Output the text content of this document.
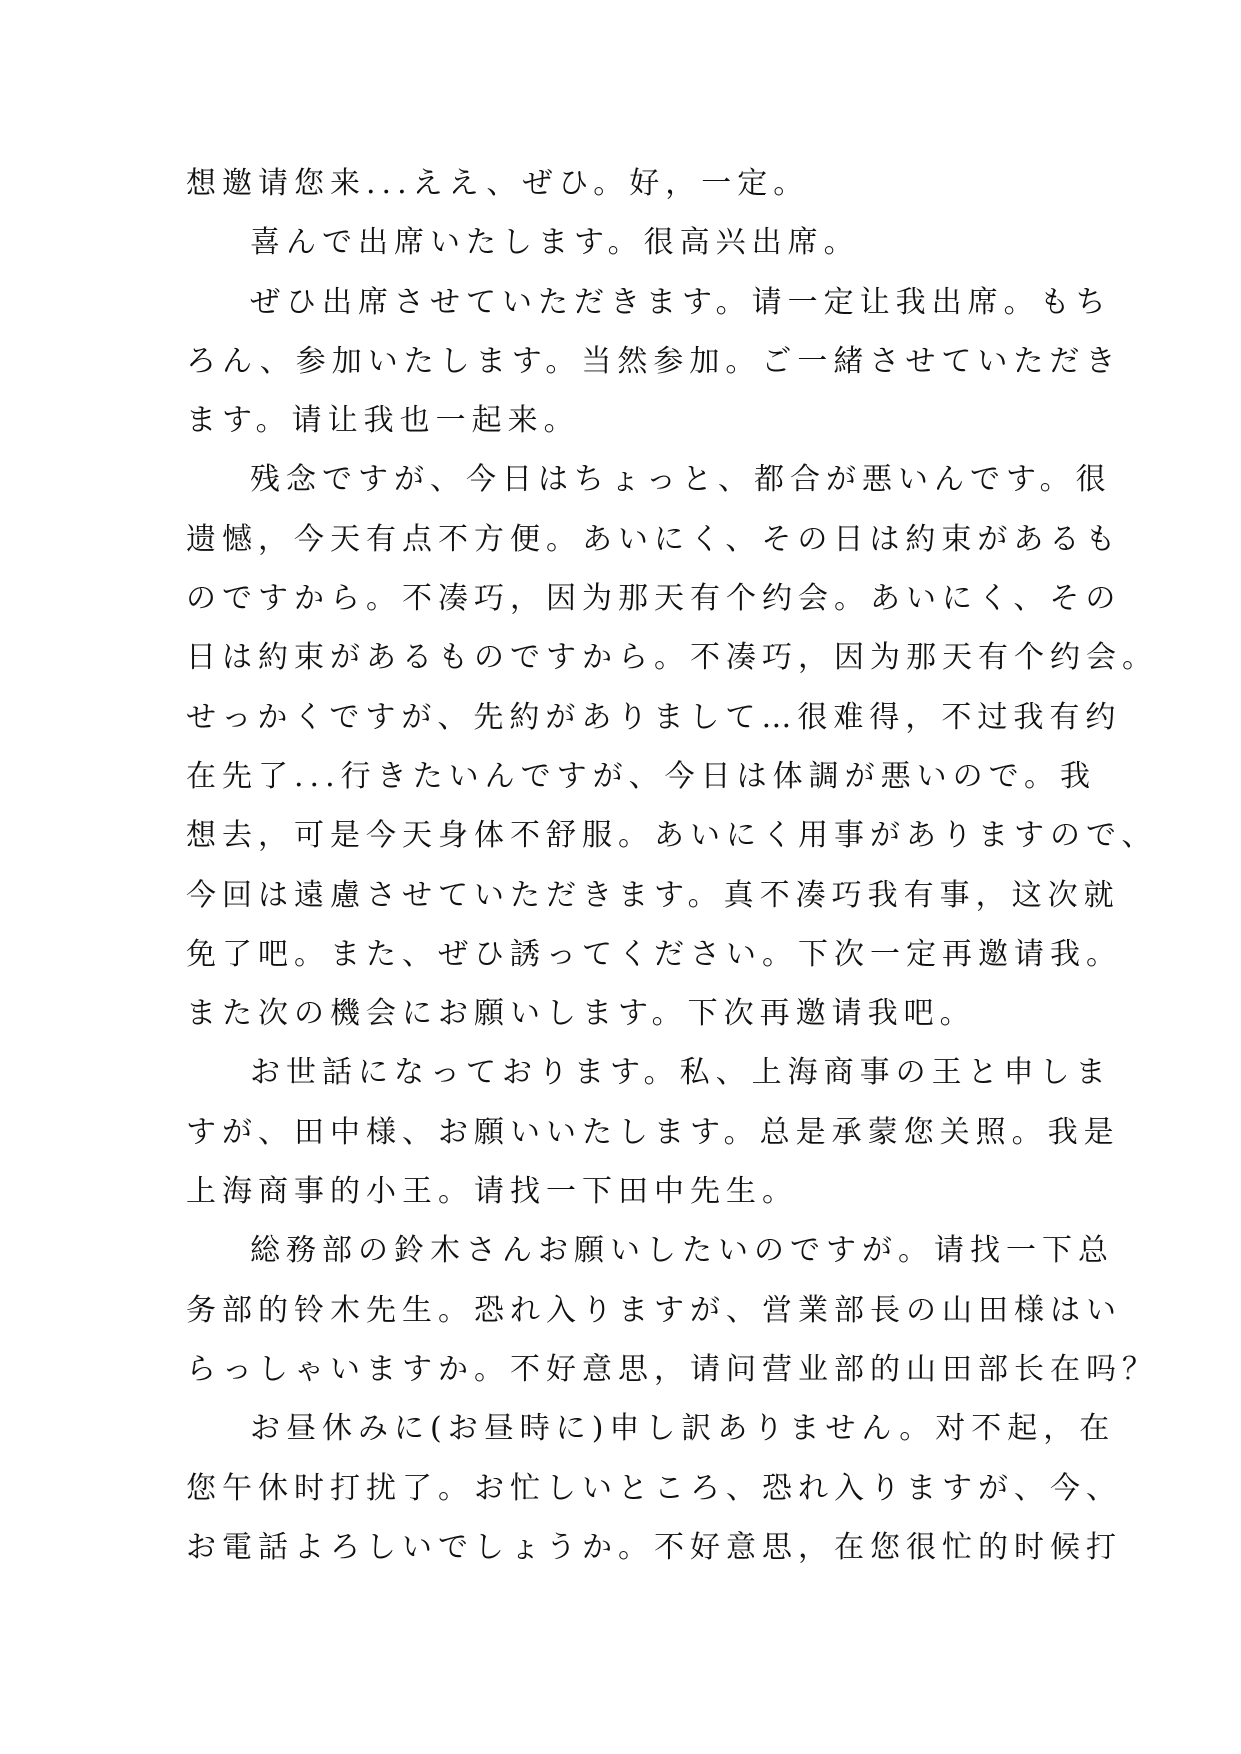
想邀请您来...ええ、ぜひ。好，一定。
喜んで出席いたします。很高兴出席。
ぜひ出席させていただきます。请一定让我出席。もち
ろん、参加いたします。当然参加。ご一緒させていただき
ます。请让我也一起来。
残念ですが、今日はちょっと、都合が悪いんです。很
遗憾，今天有点不方便。あいにく、その日は約束があるも
のですから。不凑巧，因为那天有个约会。あいにく、その
日は約束があるものですから。不凑巧，因为那天有个约会。
せっかくですが、先約がありまして…很难得，不过我有约
在先了...行きたいんですが、今日は体調が悪いので。我
想去，可是今天身体不舒服。あいにく用事がありますので、
今回は遠慮させていただきます。真不凑巧我有事，这次就
免了吧。また、ぜひ誘ってください。下次一定再邀请我。
また次の機会にお願いします。下次再邀请我吧。
お世話になっております。私、上海商事の王と申しま
すが、田中様、お願いいたします。总是承蒙您关照。我是
上海商事的小王。请找一下田中先生。
総務部の鈴木さんお願いしたいのですが。请找一下总
务部的铃木先生。恐れ入りますが、営業部長の山田様はい
らっしゃいますか。不好意思，请问营业部的山田部长在吗？
お昼休みに(お昼時に)申し訳ありません。对不起，在
您午休时打扰了。お忙しいところ、恐れ入りますが、今、
お電話よろしいでしょうか。不好意思，在您很忙的时候打
